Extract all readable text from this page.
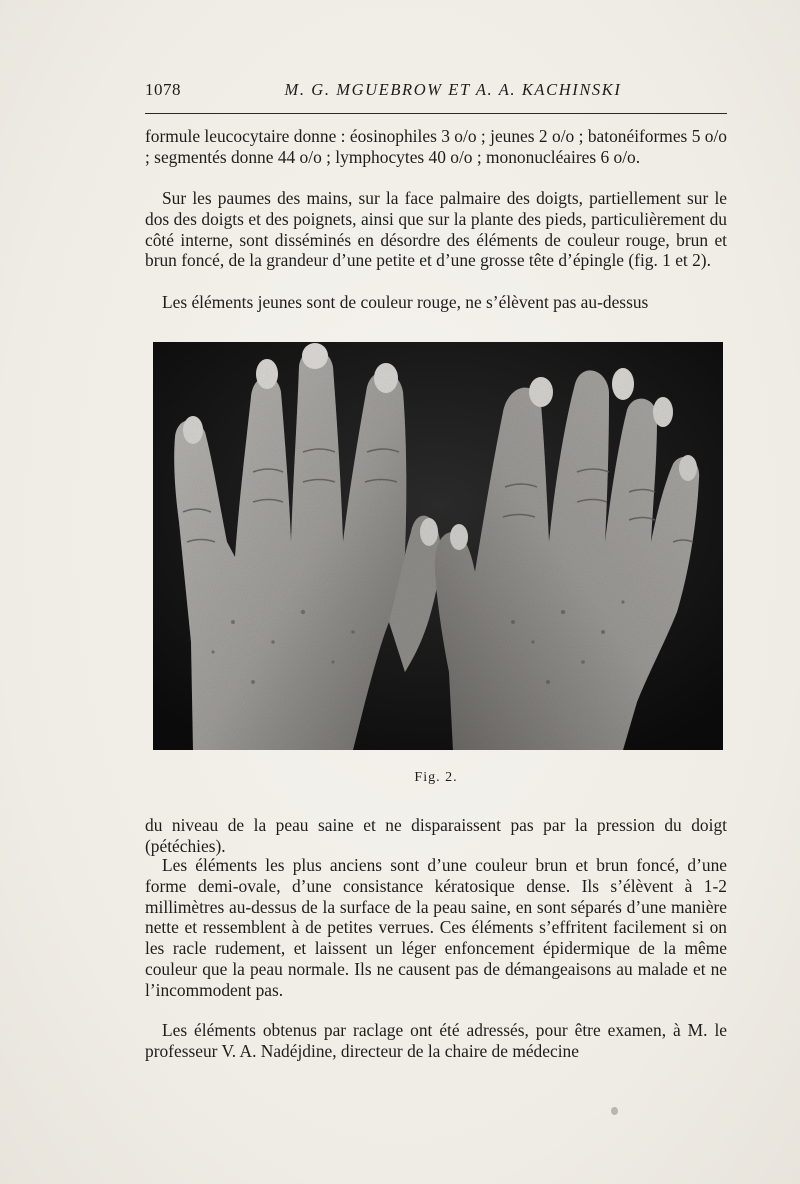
1078	M. G. MGUEBROW ET A. A. KACHINSKI

formule leucocytaire donne : éosinophiles 3 o/o ; jeunes 2 o/o ; batonéiformes 5 o/o ; segmentés donne 44 o/o ; lymphocytes 40 o/o ; mononucléaires 6 o/o.

Sur les paumes des mains, sur la face palmaire des doigts, partiellement sur le dos des doigts et des poignets, ainsi que sur la plante des pieds, particulièrement du côté interne, sont disséminés en désordre des éléments de couleur rouge, brun et brun foncé, de la grandeur d’une petite et d’une grosse tête d’épingle (fig. 1 et 2).

Les éléments jeunes sont de couleur rouge, ne s’élèvent pas au-dessus

Fig. 2.

du niveau de la peau saine et ne disparaissent pas par la pression du doigt (pétéchies).

Les éléments les plus anciens sont d’une couleur brun et brun foncé, d’une forme demi-ovale, d’une consistance kératosique dense. Ils s’élèvent à 1-2 millimètres au-dessus de la surface de la peau saine, en sont séparés d’une manière nette et ressemblent à de petites verrues. Ces éléments s’effritent facilement si on les racle rudement, et laissent un léger enfoncement épidermique de la même couleur que la peau normale. Ils ne causent pas de démangeaisons au malade et ne l’incommodent pas.

Les éléments obtenus par raclage ont été adressés, pour être examen, à M. le professeur V. A. Nadéjdine, directeur de la chaire de médecine
